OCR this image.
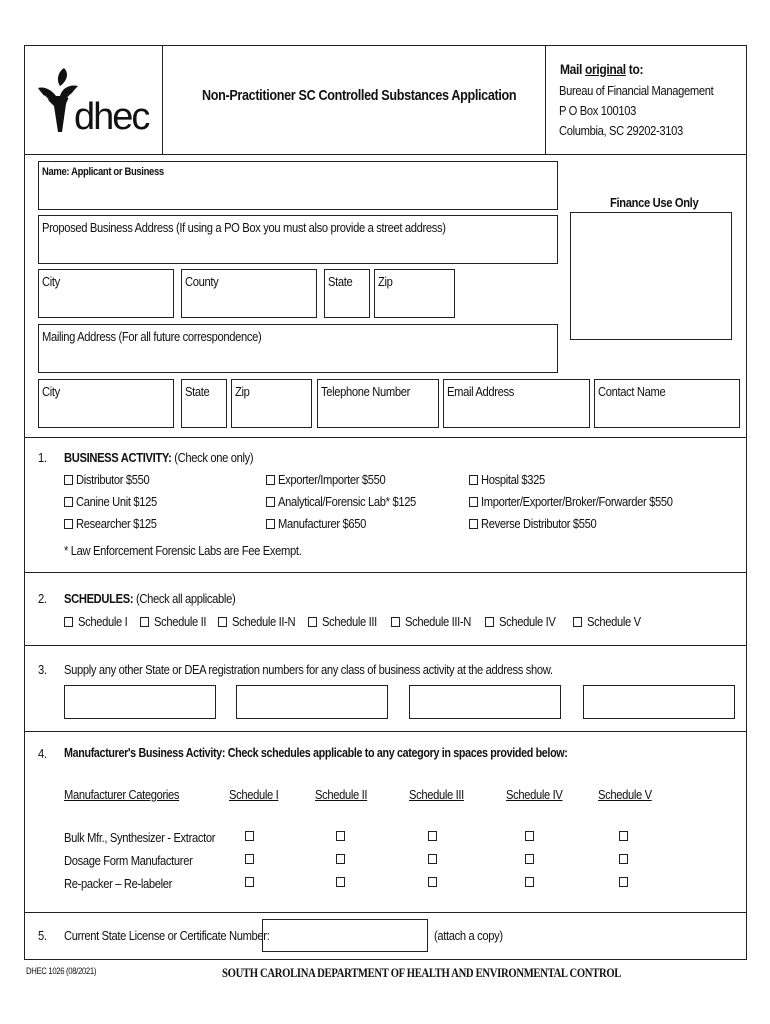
dhec
Non-Practitioner SC Controlled Substances Application
Mail original to:
Bureau of Financial Management
P O Box 100103
Columbia, SC 29202-3103
Name: Applicant or Business
Proposed Business Address (If using a PO Box you must also provide a street address)
City	County	State Zip
Mailing Address (For all future correspondence)
City	State Zip	Telephone Number	Email Address	Contact Name
Finance Use Only
1. BUSINESS ACTIVITY: (Check one only)
Distributor $550
Canine Unit $125
Researcher $125
Exporter/Importer $550
Analytical/Forensic Lab* $125
Manufacturer $650
Hospital $325
Importer/Exporter/Broker/Forwarder $550
Reverse Distributor $550
* Law Enforcement Forensic Labs are Fee Exempt.
2. SCHEDULES: (Check all applicable)
Schedule I Schedule II Schedule II-N Schedule III Schedule III-N Schedule IV Schedule V
3. Supply any other State or DEA registration numbers for any class of business activity at the address show.
4. Manufacturer's Business Activity: Check schedules applicable to any category in spaces provided below:
Manufacturer Categories	Schedule I	Schedule II	Schedule III	Schedule IV	Schedule V
Bulk Mfr., Synthesizer - Extractor
Dosage Form Manufacturer
Re-packer – Re-labeler
5. Current State License or Certificate Number:	(attach a copy)
DHEC 1026 (08/2021)	SOUTH CAROLINA DEPARTMENT OF HEALTH AND ENVIRONMENTAL CONTROL
